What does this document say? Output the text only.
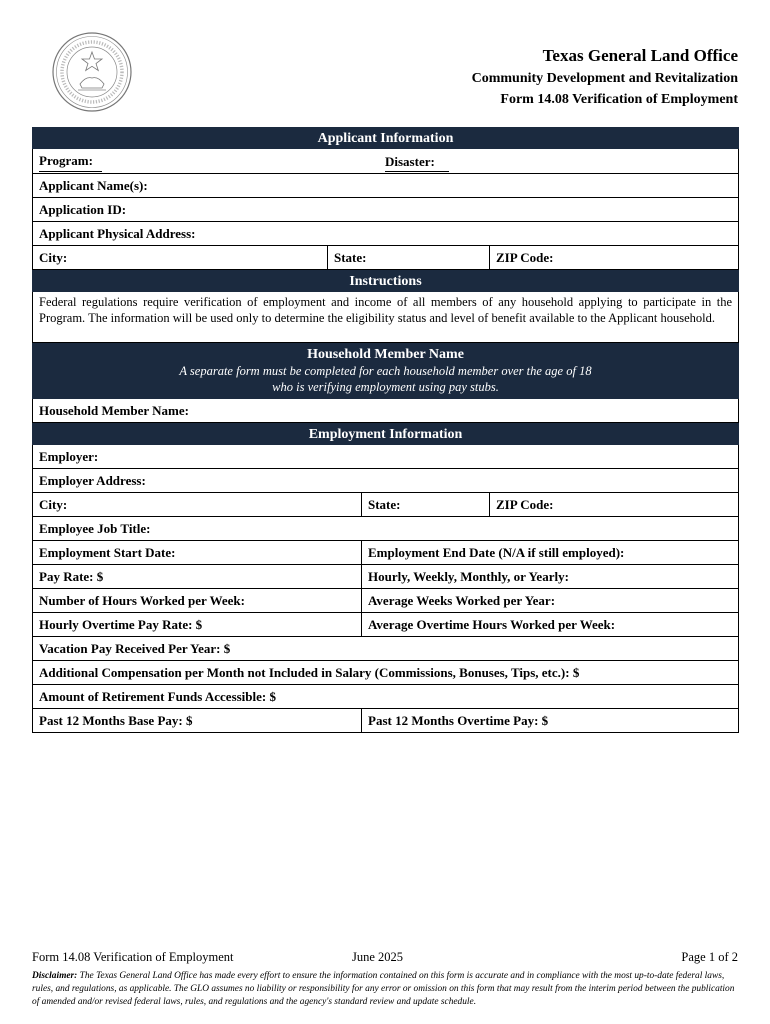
Texas General Land Office
Community Development and Revitalization
Form 14.08 Verification of Employment
Applicant Information
Program:	Disaster:
Applicant Name(s):
Application ID:
Applicant Physical Address:
City:	State:	ZIP Code:
Instructions
Federal regulations require verification of employment and income of all members of any household applying to participate in the Program. The information will be used only to determine the eligibility status and level of benefit available to the Applicant household.
Household Member Name
A separate form must be completed for each household member over the age of 18
who is verifying employment using pay stubs.
Household Member Name:
Employment Information
Employer:
Employer Address:
City:	State:	ZIP Code:
Employee Job Title:
Employment Start Date:	Employment End Date (N/A if still employed):
Pay Rate: $	Hourly, Weekly, Monthly, or Yearly:
Number of Hours Worked per Week:	Average Weeks Worked per Year:
Hourly Overtime Pay Rate: $	Average Overtime Hours Worked per Week:
Vacation Pay Received Per Year: $
Additional Compensation per Month not Included in Salary (Commissions, Bonuses, Tips, etc.): $
Amount of Retirement Funds Accessible: $
Past 12 Months Base Pay: $	Past 12 Months Overtime Pay: $
Form 14.08 Verification of Employment	June 2025	Page 1 of 2
Disclaimer: The Texas General Land Office has made every effort to ensure the information contained on this form is accurate and in compliance with the most up-to-date federal laws, rules, and regulations, as applicable. The GLO assumes no liability or responsibility for any error or omission on this form that may result from the interim period between the publication of amended and/or revised federal laws, rules, and regulations and the agency's standard review and update schedule.
